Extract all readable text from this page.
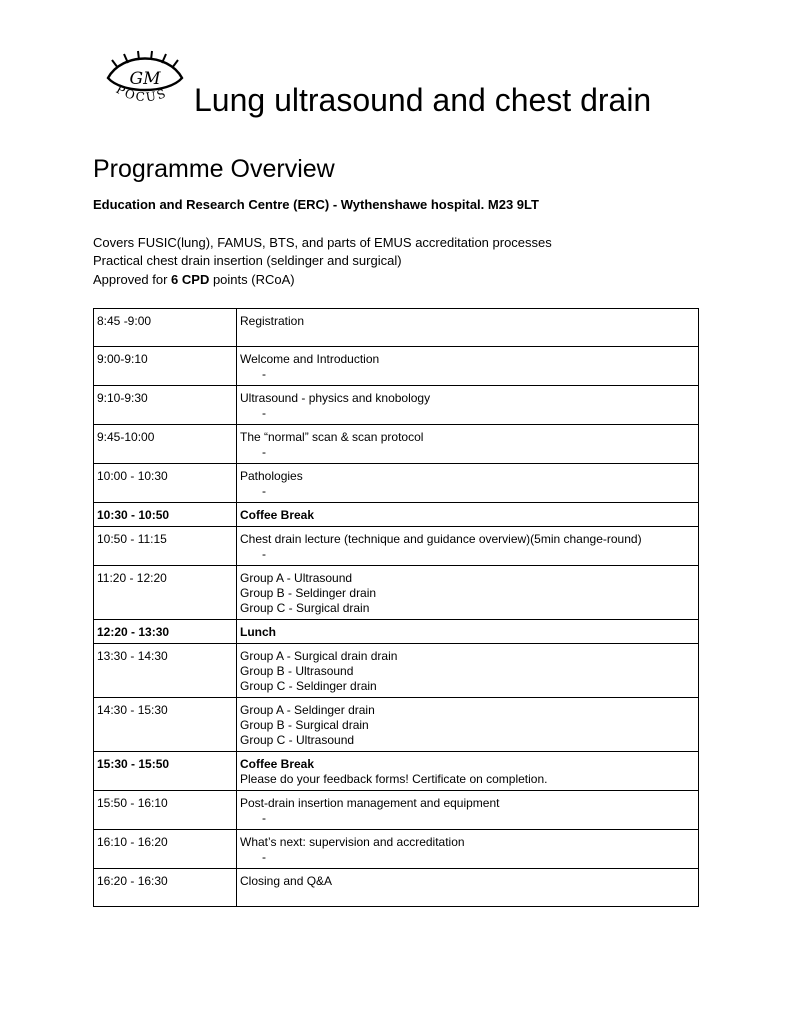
GM
POCUS Lung ultrasound and chest drain
Programme Overview
Education and Research Centre (ERC) - Wythenshawe hospital. M23 9LT
Covers FUSIC(lung), FAMUS, BTS, and parts of EMUS accreditation processes
Practical chest drain insertion (seldinger and surgical)
Approved for 6 CPD points (RCoA)
8:45 -9:00	Registration

9:00-9:10	Welcome and Introduction
-

9:10-9:30	Ultrasound - physics and knobology
-

9:45-10:00	The “normal” scan & scan protocol
-

10:00 - 10:30	Pathologies
-

10:30 - 10:50	Coffee Break

10:50 - 11:15	Chest drain lecture (technique and guidance overview)(5min change-round)
-

11:20 - 12:20	Group A - Ultrasound
Group B - Seldinger drain
Group C - Surgical drain

12:20 - 13:30	Lunch

13:30 - 14:30	Group A - Surgical drain drain
Group B - Ultrasound
Group C - Seldinger drain

14:30 - 15:30	Group A - Seldinger drain
Group B - Surgical drain
Group C - Ultrasound

15:30 - 15:50	Coffee Break
Please do your feedback forms! Certificate on completion.

15:50 - 16:10	Post-drain insertion management and equipment
-

16:10 - 16:20	What’s next: supervision and accreditation
-

16:20 - 16:30	Closing and Q&A
